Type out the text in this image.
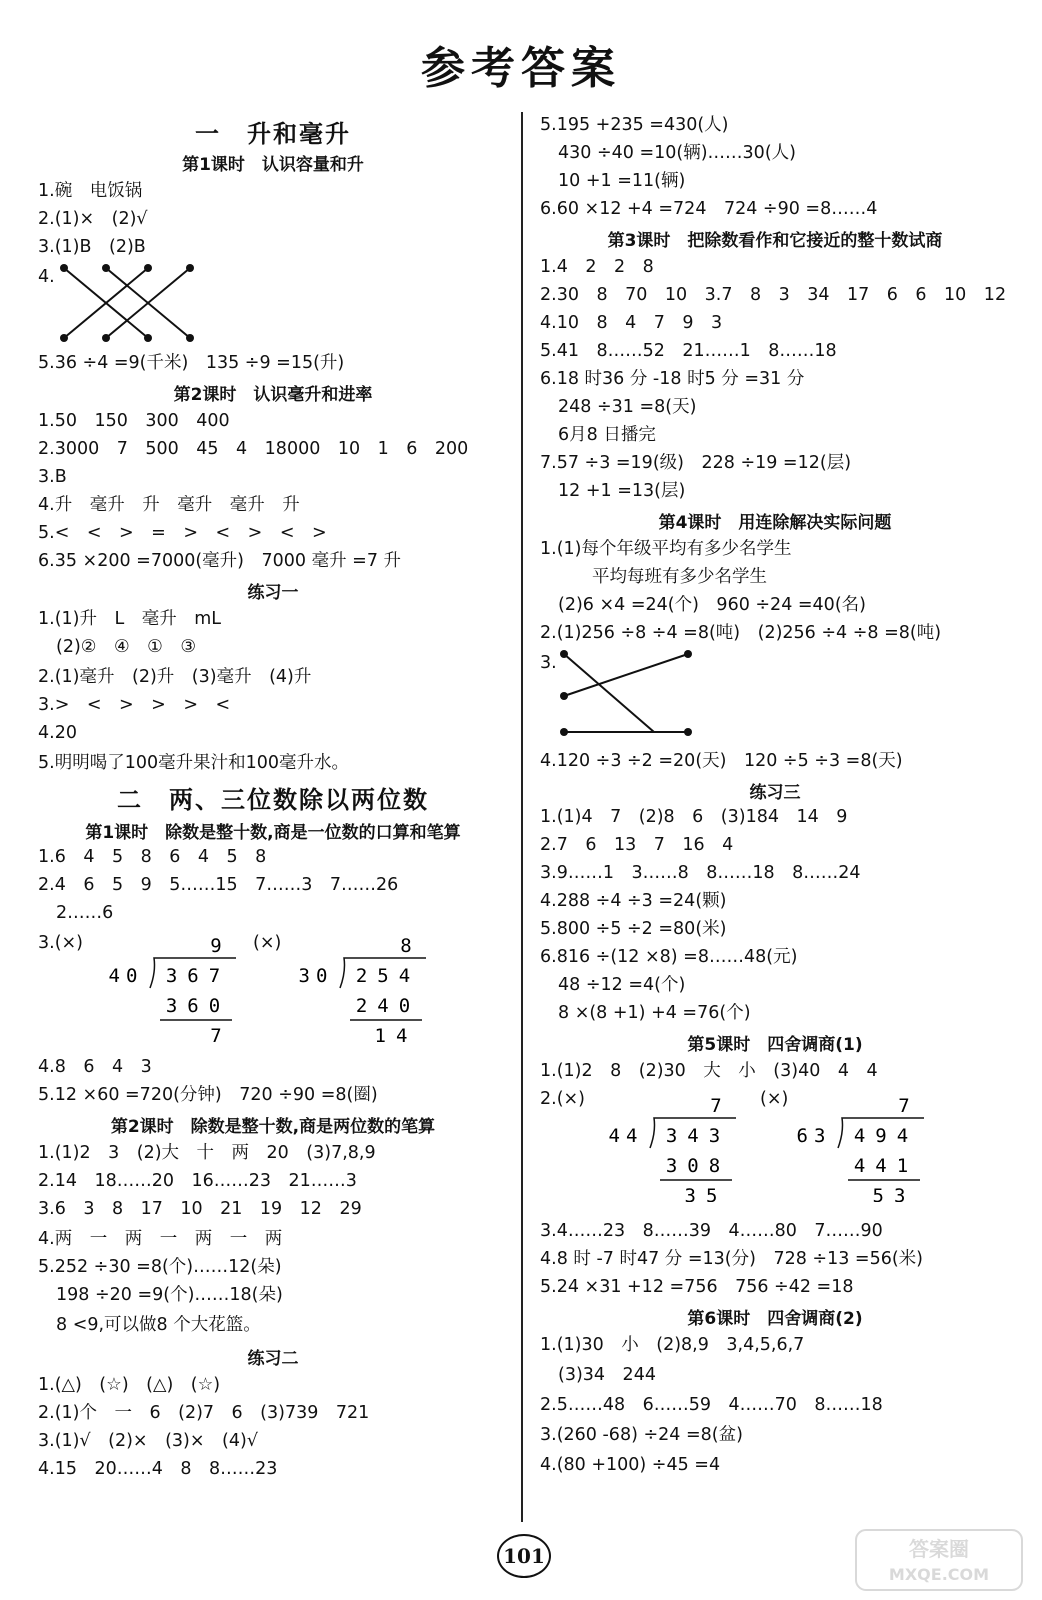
参考答案
一　升和毫升
第1课时　认识容量和升
1.碗　电饭锅
2.(1)×　(2)√
3.(1)B　(2)B
4.
5.36 ÷4 =9(千米)　135 ÷9 =15(升)
第2课时　认识毫升和进率
1.50　150　300　400
2.3000　7　500　45　4　18000　10　1　6　200
3.B
4.升　毫升　升　毫升　毫升　升
5.<　<　>　=　>　<　>　<　>
6.35 ×200 =7000(毫升)　7000 毫升 =7 升
练习一
1.(1)升　L　毫升　mL
(2)②　④　①　③
2.(1)毫升　(2)升　(3)毫升　(4)升
3.>　<　>　>　>　<
4.20
5.明明喝了100毫升果汁和100毫升水。
二　两、三位数除以两位数
第1课时　除数是整十数,商是一位数的口算和笔算
1.6　4　5　8　6　4　5　8
2.4　6　5　9　5……15　7……3　7……26
2……6
3.(×)	(×)
9
40 367
360
7
8
30 254
240
14
4.8　6　4　3
5.12 ×60 =720(分钟)　720 ÷90 =8(圈)
第2课时　除数是整十数,商是两位数的笔算
1.(1)2　3　(2)大　十　两　20　(3)7,8,9
2.14　18……20　16……23　21……3
3.6　3　8　17　10　21　19　12　29
4.两　一　两　一　两　一　两
5.252 ÷30 =8(个)……12(朵)
198 ÷20 =9(个)……18(朵)
8 <9,可以做8 个大花篮。
练习二
1.(△)　(☆)　(△)　(☆)
2.(1)个　一　6　(2)7　6　(3)739　721
3.(1)√　(2)×　(3)×　(4)√
4.15　20……4　8　8……23
5.195 +235 =430(人)
430 ÷40 =10(辆)……30(人)
10 +1 =11(辆)
6.60 ×12 +4 =724　724 ÷90 =8……4
第3课时　把除数看作和它接近的整十数试商
1.4　2　2　8
2.30　8　70　10　3.7　8　3　34　17　6　6　10　12
4.10　8　4　7　9　3
5.41　8……52　21……1　8……18
6.18 时36 分 -18 时5 分 =31 分
248 ÷31 =8(天)
6月8 日播完
7.57 ÷3 =19(级)　228 ÷19 =12(层)
12 +1 =13(层)
第4课时　用连除解决实际问题
1.(1)每个年级平均有多少名学生
平均每班有多少名学生
(2)6 ×4 =24(个)　960 ÷24 =40(名)
2.(1)256 ÷8 ÷4 =8(吨)　(2)256 ÷4 ÷8 =8(吨)
3.
4.120 ÷3 ÷2 =20(天)　120 ÷5 ÷3 =8(天)
练习三
1.(1)4　7　(2)8　6　(3)184　14　9
2.7　6　13　7　16　4
3.9……1　3……8　8……18　8……24
4.288 ÷4 ÷3 =24(颗)
5.800 ÷5 ÷2 =80(米)
6.816 ÷(12 ×8) =8……48(元)
48 ÷12 =4(个)
8 ×(8 +1) +4 =76(个)
第5课时　四舍调商(1)
1.(1)2　8　(2)30　大　小　(3)40　4　4
2.(×)	(×)
7
44 343
308
35
7
63 494
441
53
3.4……23　8……39　4……80　7……90
4.8 时 -7 时47 分 =13(分)　728 ÷13 =56(米)
5.24 ×31 +12 =756　756 ÷42 =18
第6课时　四舍调商(2)
1.(1)30　小　(2)8,9　3,4,5,6,7
(3)34　244
2.5……48　6……59　4……70　8……18
3.(260 -68) ÷24 =8(盆)
4.(80 +100) ÷45 =4
101	答案圈
MXQE.COM
